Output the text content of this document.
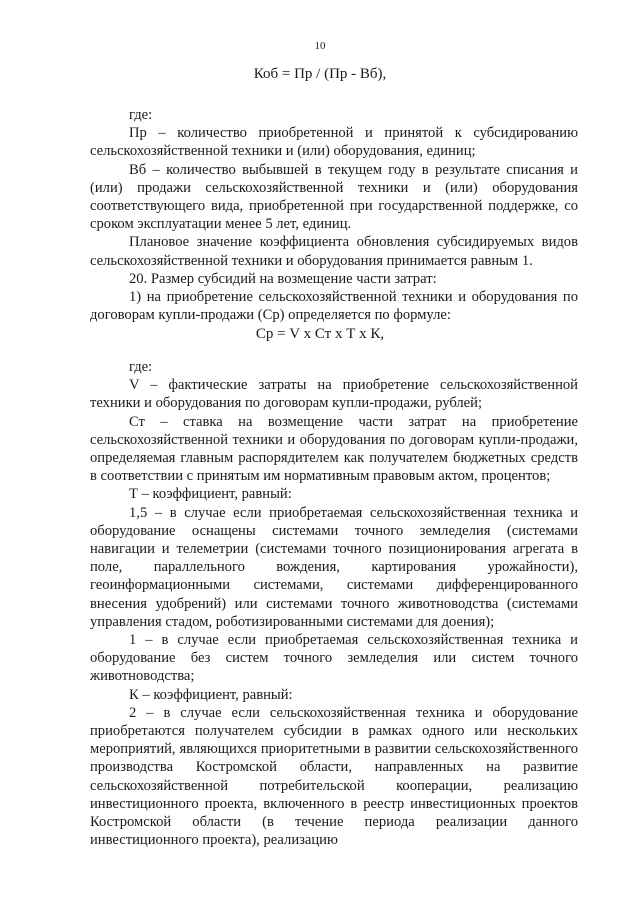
10
Коб = Пр / (Пр - Вб),

где:

Пр – количество приобретенной и принятой к субсидированию сельскохозяйственной техники и (или) оборудования, единиц;

Вб – количество выбывшей в текущем году в результате списания и (или) продажи сельскохозяйственной техники и (или) оборудования соответствующего вида, приобретенной при государственной поддержке, со сроком эксплуатации менее 5 лет, единиц.

Плановое значение коэффициента обновления субсидируемых видов сельскохозяйственной техники и оборудования принимается равным 1.

20. Размер субсидий на возмещение части затрат:

1) на приобретение сельскохозяйственной техники и оборудования по договорам купли-продажи (Ср) определяется по формуле:

Ср = V х Ст х Т х К,

где:

V – фактические затраты на приобретение сельскохозяйственной техники и оборудования по договорам купли-продажи, рублей;

Ст – ставка на возмещение части затрат на приобретение сельскохозяйственной техники и оборудования по договорам купли-продажи, определяемая главным распорядителем как получателем бюджетных средств в соответствии с принятым им нормативным правовым актом, процентов;

Т – коэффициент, равный:

1,5 – в случае если приобретаемая сельскохозяйственная техника и оборудование оснащены системами точного земледелия (системами навигации и телеметрии (системами точного позиционирования агрегата в поле, параллельного вождения, картирования урожайности), геоинформационными системами, системами дифференцированного внесения удобрений) или системами точного животноводства (системами управления стадом, роботизированными системами для доения);

1 – в случае если приобретаемая сельскохозяйственная техника и оборудование без систем точного земледелия или систем точного животноводства;

К – коэффициент, равный:

2 – в случае если сельскохозяйственная техника и оборудование приобретаются получателем субсидии в рамках одного или нескольких мероприятий, являющихся приоритетными в развитии сельскохозяйственного производства Костромской области, направленных на развитие сельскохозяйственной потребительской кооперации, реализацию инвестиционного проекта, включенного в реестр инвестиционных проектов Костромской области (в течение периода реализации данного инвестиционного проекта), реализацию
